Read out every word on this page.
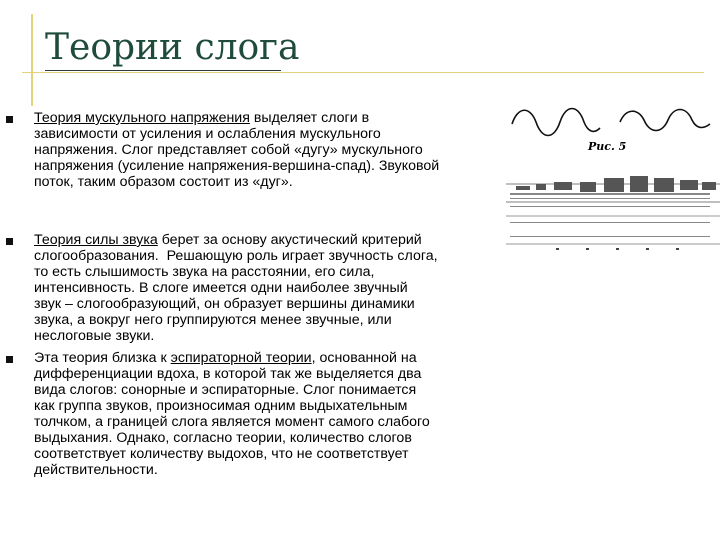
Теории слога
Теория мускульного напряжения выделяет слоги в
зависимости от усиления и ослабления мускульного
напряжения. Слог представляет собой «дугу» мускульного
напряжения (усиление напряжения-вершина-спад). Звуковой
поток, таким образом состоит из «дуг».
Теория силы звука берет за основу акустический критерий
слогообразования.  Решающую роль играет звучность слога,
то есть слышимость звука на расстоянии, его сила,
интенсивность. В слоге имеется одни наиболее звучный
звук – слогообразующий, он образует вершины динамики
звука, а вокруг него группируются менее звучные, или
неслоговые звуки.
Эта теория близка к эспираторной теории, основанной на
дифференциации вдоха, в которой так же выделяется два
вида слогов: сонорные и эспираторные. Слог понимается
как группа звуков, произносимая одним выдыхательным
толчком, а границей слога является момент самого слабого
выдыхания. Однако, согласно теории, количество слогов
соответствует количеству выдохов, что не соответствует
действительности.
Рис. 5
